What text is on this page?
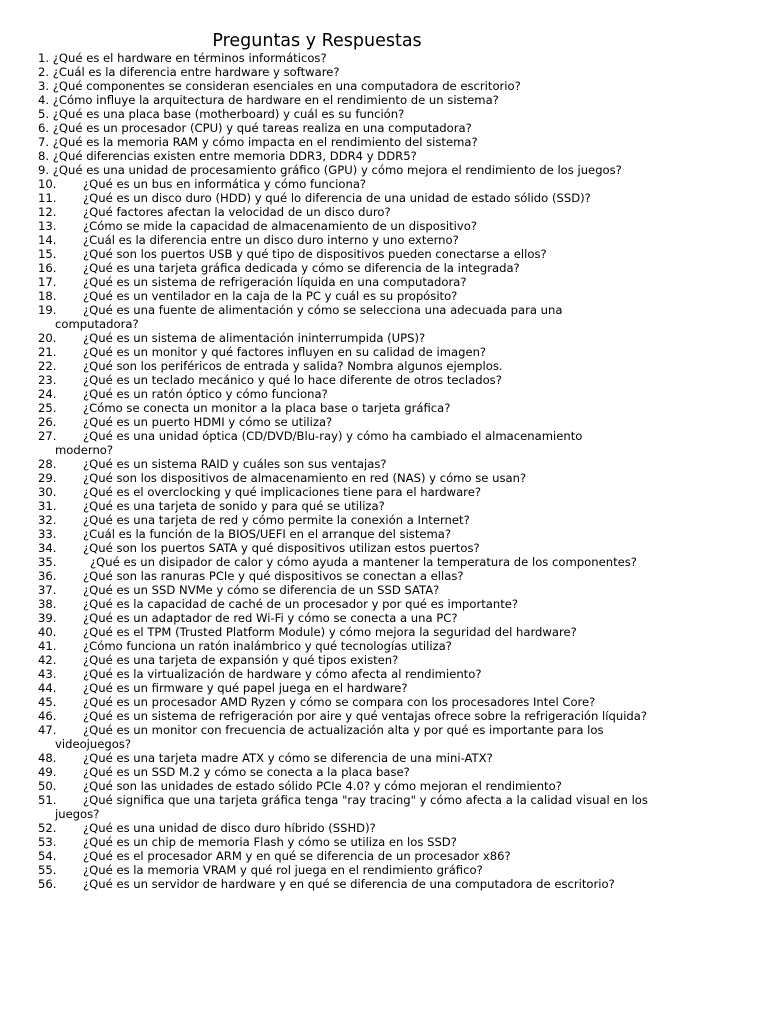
Preguntas y Respuestas
1. ¿Qué es el hardware en términos informáticos?
2. ¿Cuál es la diferencia entre hardware y software?
3. ¿Qué componentes se consideran esenciales en una computadora de escritorio?
4. ¿Cómo influye la arquitectura de hardware en el rendimiento de un sistema?
5. ¿Qué es una placa base (motherboard) y cuál es su función?
6. ¿Qué es un procesador (CPU) y qué tareas realiza en una computadora?
7. ¿Qué es la memoria RAM y cómo impacta en el rendimiento del sistema?
8. ¿Qué diferencias existen entre memoria DDR3, DDR4 y DDR5?
9. ¿Qué es una unidad de procesamiento gráfico (GPU) y cómo mejora el rendimiento de los juegos?
10. ¿Qué es un bus en informática y cómo funciona?
11. ¿Qué es un disco duro (HDD) y qué lo diferencia de una unidad de estado sólido (SSD)?
12. ¿Qué factores afectan la velocidad de un disco duro?
13. ¿Cómo se mide la capacidad de almacenamiento de un dispositivo?
14. ¿Cuál es la diferencia entre un disco duro interno y uno externo?
15. ¿Qué son los puertos USB y qué tipo de dispositivos pueden conectarse a ellos?
16. ¿Qué es una tarjeta gráfica dedicada y cómo se diferencia de la integrada?
17. ¿Qué es un sistema de refrigeración líquida en una computadora?
18. ¿Qué es un ventilador en la caja de la PC y cuál es su propósito?
19. ¿Qué es una fuente de alimentación y cómo se selecciona una adecuada para una
computadora?
20. ¿Qué es un sistema de alimentación ininterrumpida (UPS)?
21. ¿Qué es un monitor y qué factores influyen en su calidad de imagen?
22. ¿Qué son los periféricos de entrada y salida? Nombra algunos ejemplos.
23. ¿Qué es un teclado mecánico y qué lo hace diferente de otros teclados?
24. ¿Qué es un ratón óptico y cómo funciona?
25. ¿Cómo se conecta un monitor a la placa base o tarjeta gráfica?
26. ¿Qué es un puerto HDMI y cómo se utiliza?
27. ¿Qué es una unidad óptica (CD/DVD/Blu-ray) y cómo ha cambiado el almacenamiento
moderno?
28. ¿Qué es un sistema RAID y cuáles son sus ventajas?
29. ¿Qué son los dispositivos de almacenamiento en red (NAS) y cómo se usan?
30. ¿Qué es el overclocking y qué implicaciones tiene para el hardware?
31. ¿Qué es una tarjeta de sonido y para qué se utiliza?
32. ¿Qué es una tarjeta de red y cómo permite la conexión a Internet?
33. ¿Cuál es la función de la BIOS/UEFI en el arranque del sistema?
34. ¿Qué son los puertos SATA y qué dispositivos utilizan estos puertos?
35.	¿Qué es un disipador de calor y cómo ayuda a mantener la temperatura de los componentes?
36. ¿Qué son las ranuras PCIe y qué dispositivos se conectan a ellas?
37. ¿Qué es un SSD NVMe y cómo se diferencia de un SSD SATA?
38. ¿Qué es la capacidad de caché de un procesador y por qué es importante?
39. ¿Qué es un adaptador de red Wi-Fi y cómo se conecta a una PC?
40. ¿Qué es el TPM (Trusted Platform Module) y cómo mejora la seguridad del hardware?
41. ¿Cómo funciona un ratón inalámbrico y qué tecnologías utiliza?
42. ¿Qué es una tarjeta de expansión y qué tipos existen?
43. ¿Qué es la virtualización de hardware y cómo afecta al rendimiento?
44. ¿Qué es un firmware y qué papel juega en el hardware?
45. ¿Qué es un procesador AMD Ryzen y cómo se compara con los procesadores Intel Core?
46. ¿Qué es un sistema de refrigeración por aire y qué ventajas ofrece sobre la refrigeración líquida?
47. ¿Qué es un monitor con frecuencia de actualización alta y por qué es importante para los
videojuegos?
48. ¿Qué es una tarjeta madre ATX y cómo se diferencia de una mini-ATX?
49. ¿Qué es un SSD M.2 y cómo se conecta a la placa base?
50. ¿Qué son las unidades de estado sólido PCIe 4.0? y cómo mejoran el rendimiento?
51. ¿Qué significa que una tarjeta gráfica tenga "ray tracing" y cómo afecta a la calidad visual en los
juegos?
52. ¿Qué es una unidad de disco duro híbrido (SSHD)?
53. ¿Qué es un chip de memoria Flash y cómo se utiliza en los SSD?
54. ¿Qué es el procesador ARM y en qué se diferencia de un procesador x86?
55. ¿Qué es la memoria VRAM y qué rol juega en el rendimiento gráfico?
56. ¿Qué es un servidor de hardware y en qué se diferencia de una computadora de escritorio?
